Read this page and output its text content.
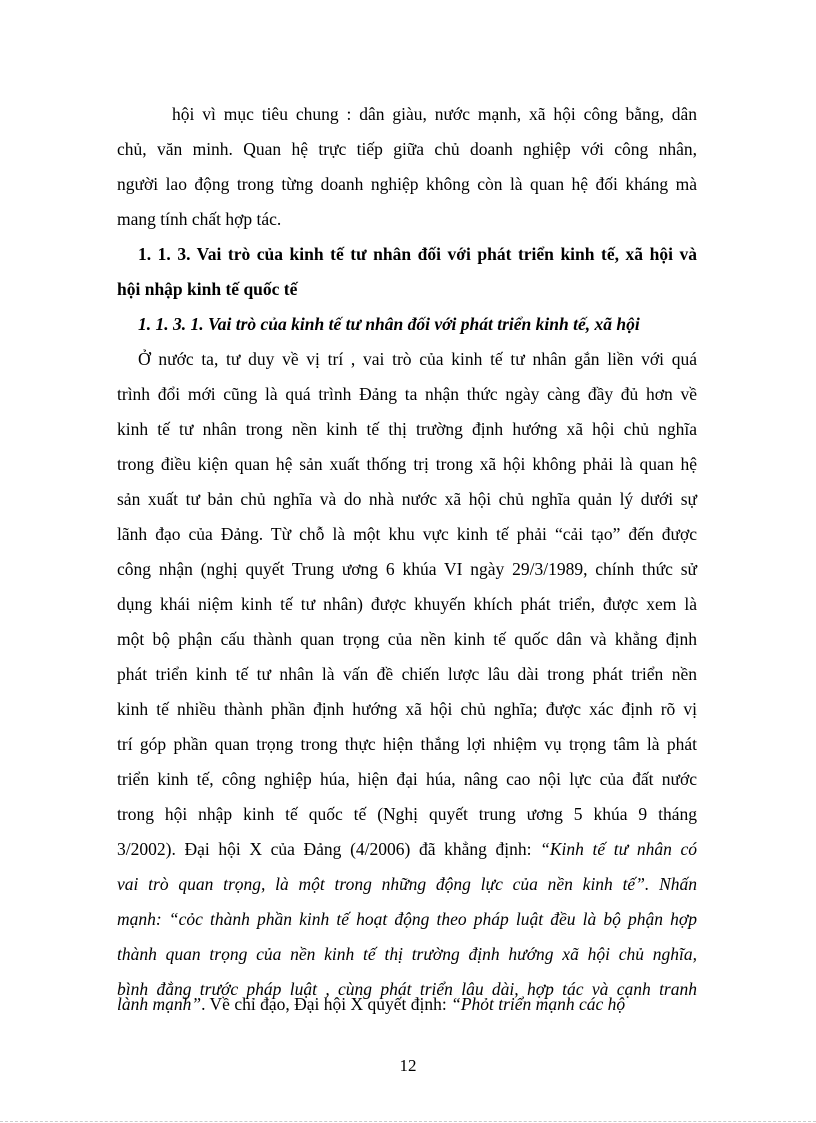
hội vì mục tiêu chung : dân giàu, nước mạnh, xã hội công bằng, dân
chủ, văn minh. Quan hệ trực tiếp giữa chủ doanh nghiệp với công nhân,
người lao động trong từng doanh nghiệp không còn là quan hệ đối kháng mà
mang tính chất hợp tác.
1. 1. 3. Vai trò của kinh tế tư nhân đối với phát triển kinh tế, xã hội và
hội nhập kinh tế quốc tế
1. 1. 3. 1. Vai trò của kinh tế tư nhân đối với phát triển kinh tế, xã hội
Ở nước ta, tư duy về vị trí , vai trò của kinh tế tư nhân gắn liền với quá
trình đổi mới cũng là quá trình Đảng ta nhận thức ngày càng đầy đủ hơn về
kinh tế tư nhân trong nền kinh tế thị trường định hướng xã hội chủ nghĩa
trong điều kiện quan hệ sản xuất thống trị trong xã hội không phải là quan hệ
sản xuất tư bản chủ nghĩa và do nhà nước xã hội chủ nghĩa quản lý dưới sự
lãnh đạo của Đảng. Từ chỗ là một khu vực kinh tế phải “cải tạo” đến được
công nhận (nghị quyết Trung ương 6 khúa VI ngày 29/3/1989, chính thức sử
dụng khái niệm kinh tế tư nhân) được khuyến khích phát triển, được xem là
một bộ phận cấu thành quan trọng của nền kinh tế quốc dân và khẳng định
phát triển kinh tế tư nhân là vấn đề chiến lược lâu dài trong phát triển nền
kinh tế nhiều thành phần định hướng xã hội chủ nghĩa; được xác định rõ vị
trí góp phần quan trọng trong thực hiện thắng lợi nhiệm vụ trọng tâm là phát
triển kinh tế, công nghiệp húa, hiện đại húa, nâng cao nội lực của đất nước
trong hội nhập kinh tế quốc tế (Nghị quyết trung ương 5 khúa 9 tháng
3/2002). Đại hội X của Đảng (4/2006) đã khẳng định: “Kinh tế tư nhân có
vai trò quan trọng, là một trong những động lực của nền kinh tế”. Nhấn
mạnh: “cỏc thành phần kinh tế hoạt động theo pháp luật đều là bộ phận hợp
thành quan trọng của nền kinh tế thị trường định hướng xã hội chủ nghĩa,
bình đẳng trước pháp luật , cùng phát triển lâu dài, hợp tác và cạnh tranh
lành mạnh”. Về chỉ đạo, Đại hội X quyết định: “Phỏt triển mạnh các hộ
12
